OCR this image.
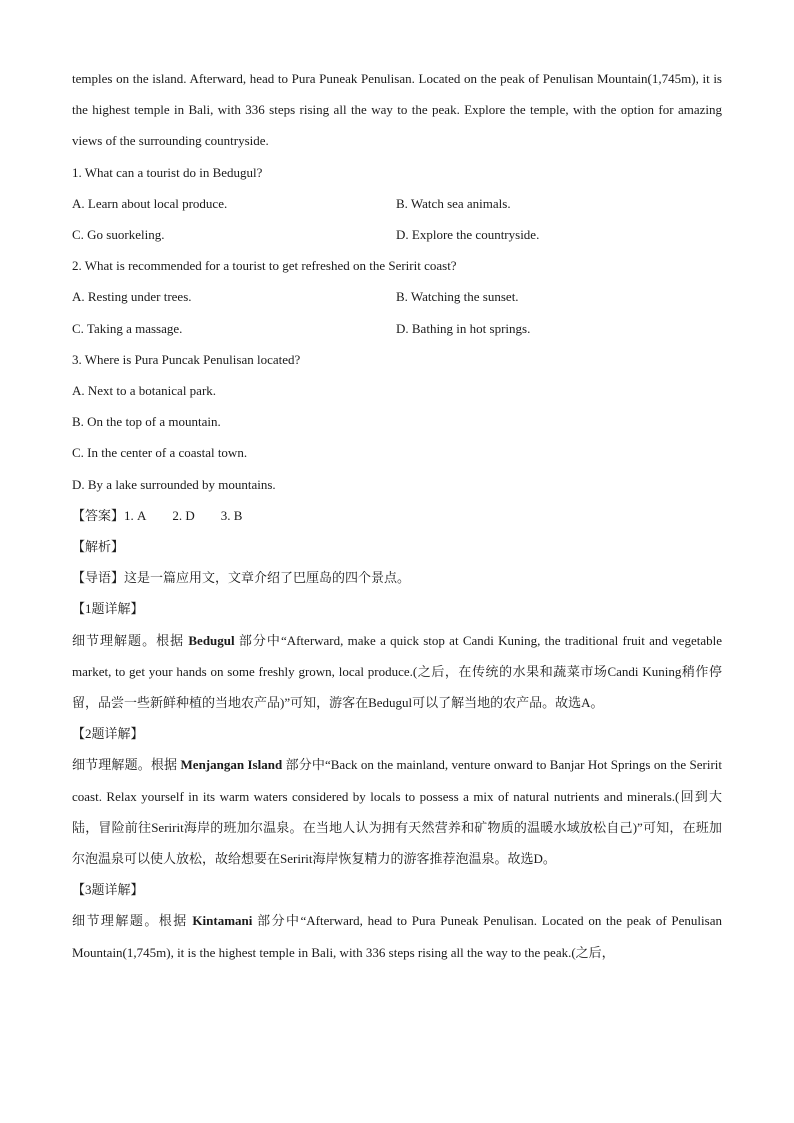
temples on the island. Afterward, head to Pura Puneak Penulisan. Located on the peak of Penulisan Mountain(1,745m), it is the highest temple in Bali, with 336 steps rising all the way to the peak. Explore the temple, with the option for amazing views of the surrounding countryside.

1. What can a tourist do in Bedugul?

A. Learn about local produce.	B. Watch sea animals.
C. Go suorkeling.	D. Explore the countryside.

2. What is recommended for a tourist to get refreshed on the Seririt coast?

A. Resting under trees.	B. Watching the sunset.
C. Taking a massage.	D. Bathing in hot springs.

3. Where is Pura Puncak Penulisan located?

A. Next to a botanical park.

B. On the top of a mountain.

C. In the center of a coastal town.

D. By a lake surrounded by mountains.

【答案】1. A 2. D 3. B

【解析】

【导语】这是一篇应用文，文章介绍了巴厘岛的四个景点。

【1题详解】

细节理解题。根据 Bedugul 部分中“Afterward, make a quick stop at Candi Kuning, the traditional fruit and vegetable market, to get your hands on some freshly grown, local produce.(之后，在传统的水果和蔬菜市场Candi Kuning稍作停留，品尝一些新鲜种植的当地农产品)”可知，游客在Bedugul可以了解当地的农产品。故选A。

【2题详解】

细节理解题。根据 Menjangan Island 部分中“Back on the mainland, venture onward to Banjar Hot Springs on the Seririt coast. Relax yourself in its warm waters considered by locals to possess a mix of natural nutrients and minerals.(回到大陆，冒险前往Seririt海岸的班加尔温泉。在当地人认为拥有天然营养和矿物质的温暖水域放松自己)”可知，在班加尔泡温泉可以使人放松，故给想要在Seririt海岸恢复精力的游客推荐泡温泉。故选D。

【3题详解】

细节理解题。根据 Kintamani 部分中“Afterward, head to Pura Puneak Penulisan. Located on the peak of Penulisan Mountain(1,745m), it is the highest temple in Bali, with 336 steps rising all the way to the peak.(之后，
